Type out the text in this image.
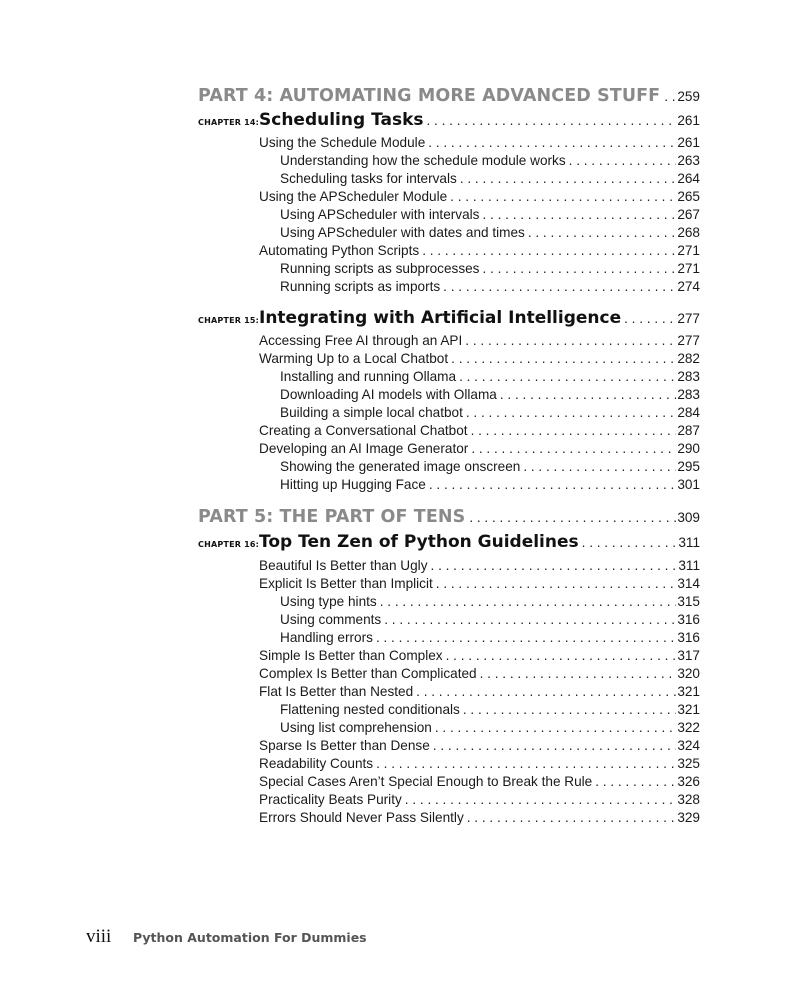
PART 4: AUTOMATING MORE ADVANCED STUFF . . . 259
CHAPTER 14: Scheduling Tasks . . .	261
Using the Schedule Module . . .	261
Understanding how the schedule module works . . .	263
Scheduling tasks for intervals . . .	264
Using the APScheduler Module . . .	265
Using APScheduler with intervals . . .	267
Using APScheduler with dates and times . . .	268
Automating Python Scripts . . .	271
Running scripts as subprocesses . . .	271
Running scripts as imports . . .	274
CHAPTER 15: Integrating with Artificial Intelligence . . .	277
Accessing Free AI through an API . . .	277
Warming Up to a Local Chatbot . . .	282
Installing and running Ollama . . .	283
Downloading AI models with Ollama . . .	283
Building a simple local chatbot . . .	284
Creating a Conversational Chatbot . . .	287
Developing an AI Image Generator . . .	290
Showing the generated image onscreen . . .	295
Hitting up Hugging Face . . .	301
PART 5: THE PART OF TENS . . .	309
CHAPTER 16: Top Ten Zen of Python Guidelines . . .	311
Beautiful Is Better than Ugly . . .	311
Explicit Is Better than Implicit . . .	314
Using type hints . . .	315
Using comments . . .	316
Handling errors . . .	316
Simple Is Better than Complex . . .	317
Complex Is Better than Complicated . . .	320
Flat Is Better than Nested . . .	321
Flattening nested conditionals . . .	321
Using list comprehension . . .	322
Sparse Is Better than Dense . . .	324
Readability Counts . . .	325
Special Cases Aren’t Special Enough to Break the Rule . . .	326
Practicality Beats Purity . . .	328
Errors Should Never Pass Silently . . .	329
viii	Python Automation For Dummies
